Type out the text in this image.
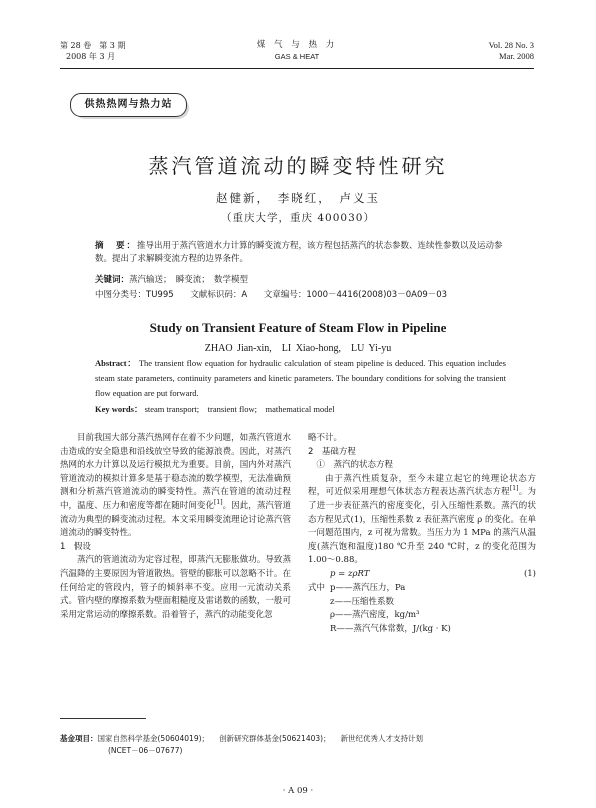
第 28 卷　第 3 期
2008 年 3 月
煤 气 与 热 力
GAS & HEAT
Vol. 28 No. 3
Mar. 2008
供热热网与热力站
蒸汽管道流动的瞬变特性研究
赵健新，　李晓红，　卢义玉
（重庆大学，重庆 400030）
摘　要：推导出用于蒸汽管道水力计算的瞬变流方程，该方程包括蒸汽的状态参数、连续性参数以及运动参数。提出了求解瞬变流方程的边界条件。
关键词：蒸汽输送；　瞬变流；　数学模型
中图分类号：TU995 文献标识码：A 文章编号：1000－4416(2008)03－0A09－03
Study on Transient Feature of Steam Flow in Pipeline
ZHAO Jian-xin,　LI Xiao-hong,　LU Yi-yu
Abstract： The transient flow equation for hydraulic calculation of steam pipeline is deduced. This equation includes steam state parameters, continuity parameters and kinetic parameters. The boundary conditions for solving the transient flow equation are put forward.
Key words： steam transport;　transient flow;　mathematical model

目前我国大部分蒸汽热网存在着不少问题，如蒸汽管道水击造成的安全隐患和沿线放空导致的能源浪费。因此，对蒸汽热网的水力计算以及运行模拟尤为重要。目前，国内外对蒸汽管道流动的模拟计算多是基于稳态流的数学模型，无法准确预测和分析蒸汽管道流动的瞬变特性。蒸汽在管道的流动过程中，温度、压力和密度等都在随时间变化[1]。因此，蒸汽管道流动为典型的瞬变流动过程。本文采用瞬变流理论讨论蒸汽管道流动的瞬变特性。

1　假设

蒸汽的管道流动为定容过程，即蒸汽无膨胀做功。导致蒸汽温降的主要原因为管道散热。管壁的膨胀可以忽略不计。在任何给定的管段内，管子的倾斜率不变。应用一元流动关系式。管内壁的摩擦系数为壁面粗糙度及雷诺数的函数，一般可采用定常运动的摩擦系数。沿着管子，蒸汽的动能变化忽

略不计。

2　基础方程

①　蒸汽的状态方程

由于蒸汽性质复杂，至今未建立起它的纯理论状态方程，可近似采用理想气体状态方程表达蒸汽状态方程[1]。为了进一步表征蒸汽的密度变化，引入压缩性系数。蒸汽的状态方程见式(1)，压缩性系数 z 表征蒸汽密度 ρ 的变化。在单一问题范围内，z 可视为常数。当压力为 1 MPa 的蒸汽从温度(蒸汽饱和温度)180 ℃升至 240 ℃时，z 的变化范围为 1.00～0.88。

p = zρRT	(1)
式中 p——蒸汽压力，Pa
z——压缩性系数
ρ——蒸汽密度，kg/m³
R——蒸汽气体常数，J/(kg · K)
基金项目：国家自然科学基金(50604019)； 创新研究群体基金(50621403)； 新世纪优秀人才支持计划
(NCET－06－07677)
· A 09 ·
